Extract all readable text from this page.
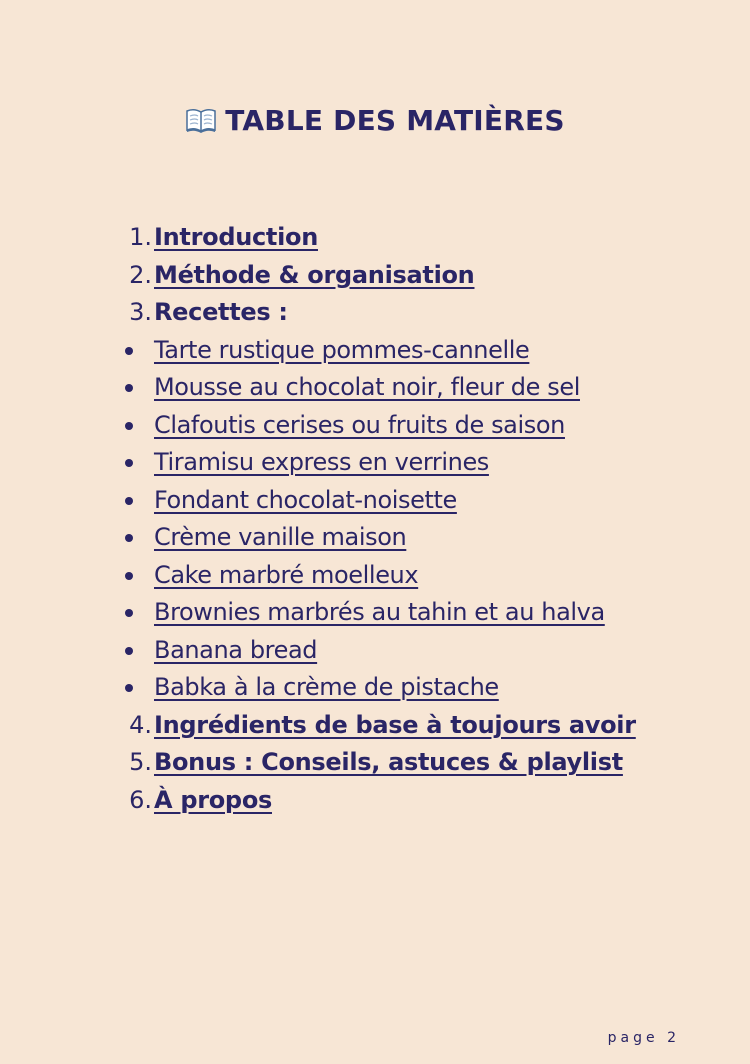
TABLE DES MATIÈRES
1. Introduction
2. Méthode & organisation
3. Recettes :
Tarte rustique pommes-cannelle
Mousse au chocolat noir, fleur de sel
Clafoutis cerises ou fruits de saison
Tiramisu express en verrines
Fondant chocolat-noisette
Crème vanille maison
Cake marbré moelleux
Brownies marbrés au tahin et au halva
Banana bread
Babka à la crème de pistache
4. Ingrédients de base à toujours avoir
5. Bonus : Conseils, astuces & playlist
6. À propos
page 2
